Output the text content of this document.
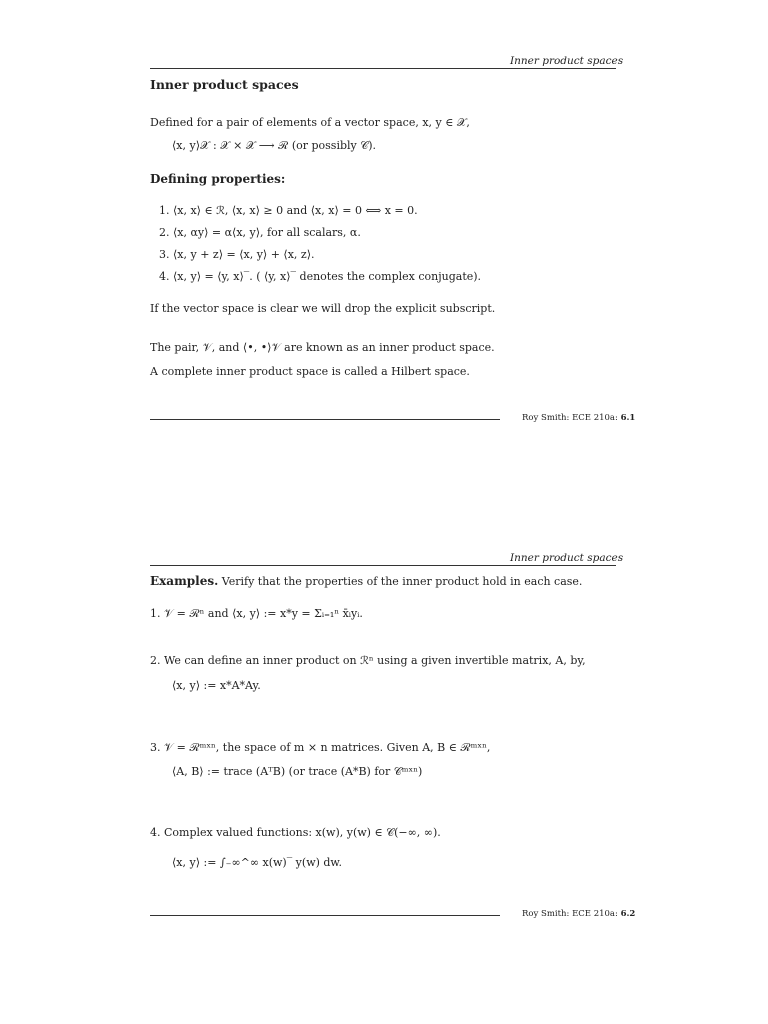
Inner product spaces
Inner product spaces
Defined for a pair of elements of a vector space, x, y ∈ 𝒳,
⟨x, y⟩𝒳 : 𝒳 × 𝒳 ⟶ ℛ (or possibly 𝒞).
Defining properties:
1. ⟨x, x⟩ ∈ ℛ, ⟨x, x⟩ ≥ 0 and ⟨x, x⟩ = 0 ⟺ x = 0.
2. ⟨x, αy⟩ = α⟨x, y⟩, for all scalars, α.
3. ⟨x, y + z⟩ = ⟨x, y⟩ + ⟨x, z⟩.
4. ⟨x, y⟩ = ⟨y, x⟩‾. ( ⟨y, x⟩‾ denotes the complex conjugate).
If the vector space is clear we will drop the explicit subscript.
The pair, 𝒱, and ⟨•, •⟩𝒱 are known as an inner product space.
A complete inner product space is called a Hilbert space.
Roy Smith: ECE 210a: 6.1
Inner product spaces
Examples. Verify that the properties of the inner product hold in each case.
1. 𝒱 = ℛⁿ and ⟨x, y⟩ := x*y = Σᵢ₌₁ⁿ x̄ᵢyᵢ.
2. We can define an inner product on ℛⁿ using a given invertible matrix, A, by,
⟨x, y⟩ := x*A*Ay.
3. 𝒱 = ℛᵐˣⁿ, the space of m × n matrices. Given A, B ∈ ℛᵐˣⁿ,
⟨A, B⟩ := trace (AᵀB) (or trace (A*B) for 𝒞ᵐˣⁿ)
4. Complex valued functions: x(w), y(w) ∈ 𝒞(−∞, ∞).
⟨x, y⟩ := ∫₋∞^∞ x(w)‾ y(w) dw.
Roy Smith: ECE 210a: 6.2
